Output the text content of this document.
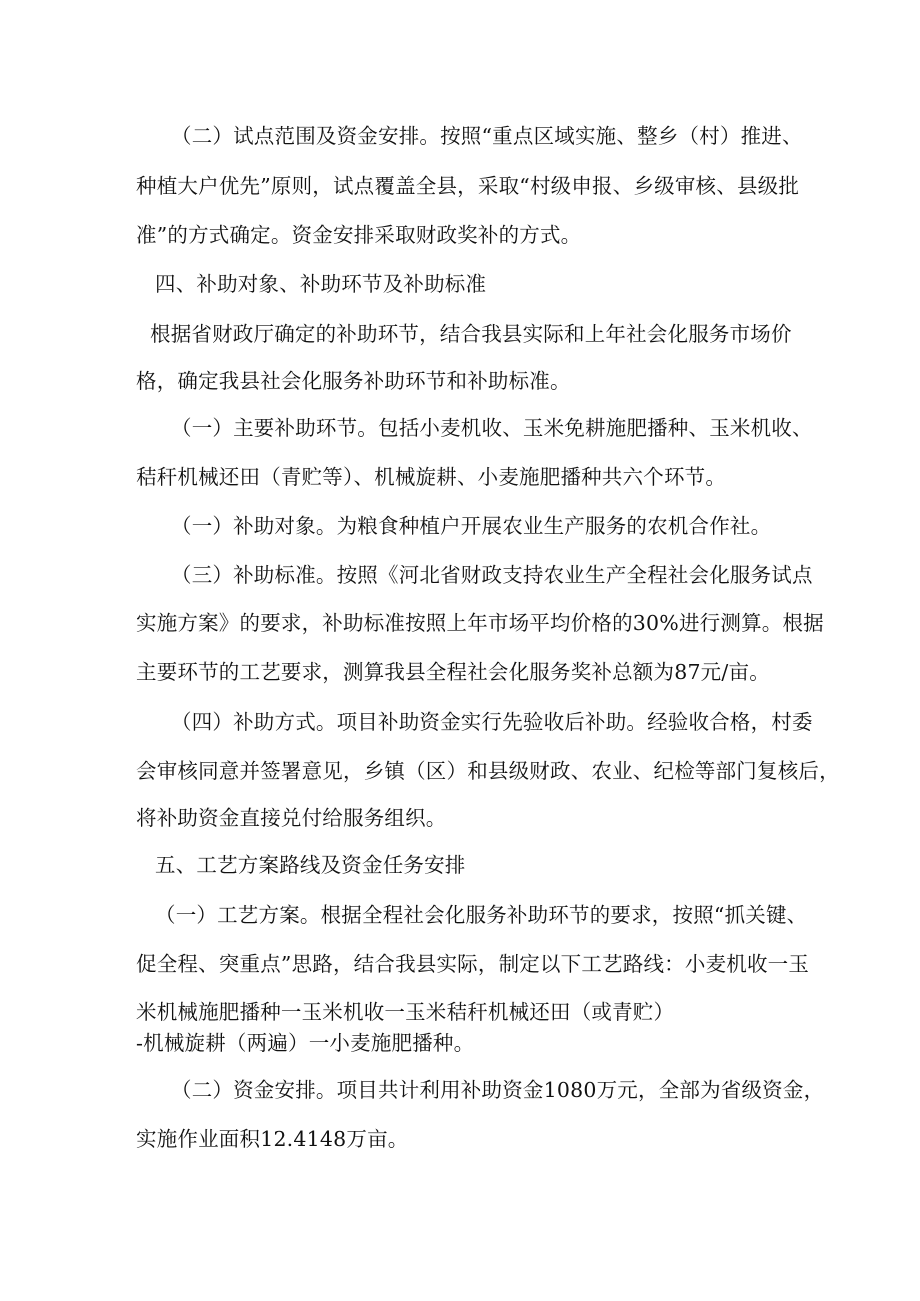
（二）试点范围及资金安排。按照“重点区域实施、整乡（村）推进、
种植大户优先”原则，试点覆盖全县，采取“村级申报、乡级审核、县级批
准”的方式确定。资金安排采取财政奖补的方式。
四、补助对象、补助环节及补助标准
根据省财政厅确定的补助环节，结合我县实际和上年社会化服务市场价
格，确定我县社会化服务补助环节和补助标准。
（一）主要补助环节。包括小麦机收、玉米免耕施肥播种、玉米机收、
秸秆机械还田（青贮等）、机械旋耕、小麦施肥播种共六个环节。
（一）补助对象。为粮食种植户开展农业生产服务的农机合作社。
（三）补助标准。按照《河北省财政支持农业生产全程社会化服务试点
实施方案》的要求，补助标准按照上年市场平均价格的30%进行测算。根据
主要环节的工艺要求，测算我县全程社会化服务奖补总额为87元/亩。
（四）补助方式。项目补助资金实行先验收后补助。经验收合格，村委
会审核同意并签署意见，乡镇（区）和县级财政、农业、纪检等部门复核后，
将补助资金直接兑付给服务组织。
五、工艺方案路线及资金任务安排
（一）工艺方案。根据全程社会化服务补助环节的要求，按照“抓关键、
促全程、突重点”思路，结合我县实际，制定以下工艺路线：小麦机收一玉
米机械施肥播种一玉米机收一玉米秸秆机械还田（或青贮）
-机械旋耕（两遍）一小麦施肥播种。
（二）资金安排。项目共计利用补助资金1080万元，全部为省级资金，
实施作业面积12.4148万亩。
